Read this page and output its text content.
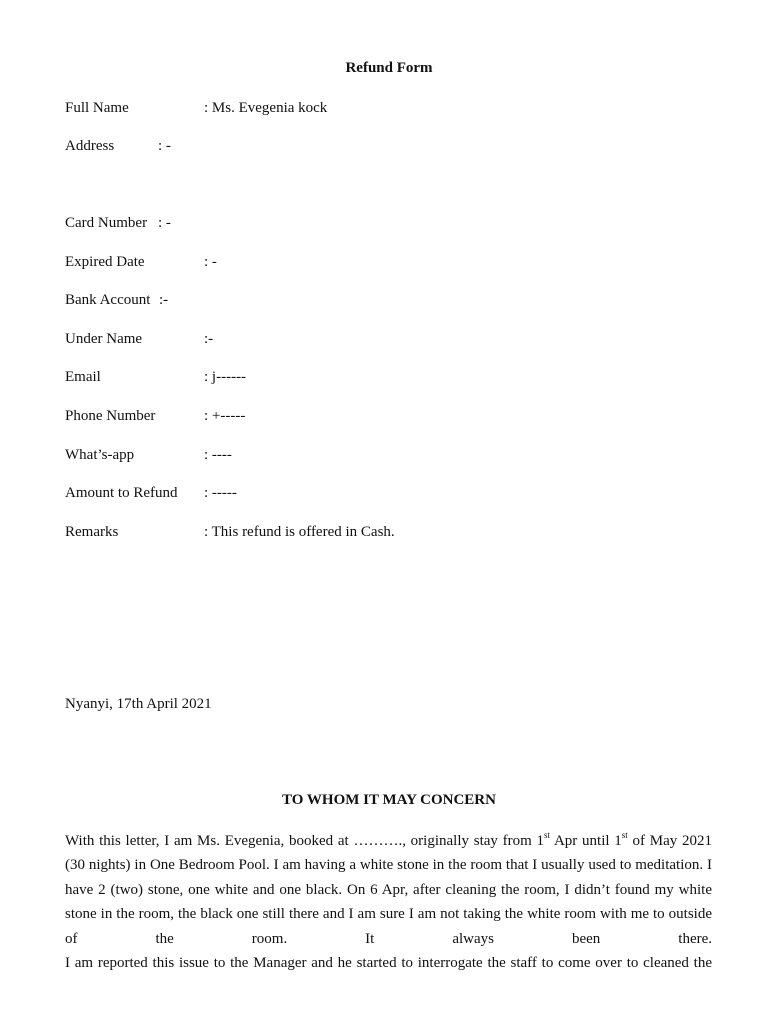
Refund Form
Full Name	: Ms. Evegenia kock
Address	: -
Card Number : -
Expired Date	: -
Bank Account :-
Under Name	:-
Email	: j------
Phone Number	: +-----
What’s-app	: ----
Amount to Refund : -----
Remarks	: This refund is offered in Cash.
Nyanyi, 17th April 2021
TO WHOM IT MAY CONCERN
With this letter, I am Ms. Evegenia, booked at ………., originally stay from 1st Apr until 1st of May 2021 (30 nights) in One Bedroom Pool. I am having a white stone in the room that I usually used to meditation. I have 2 (two) stone, one white and one black. On 6 Apr, after cleaning the room, I didn’t found my white stone in the room, the black one still there and I am sure I am not taking the white room with me to outside of the room. It always been there.
I am reported this issue to the Manager and he started to interrogate the staff to come over to cleaned the
